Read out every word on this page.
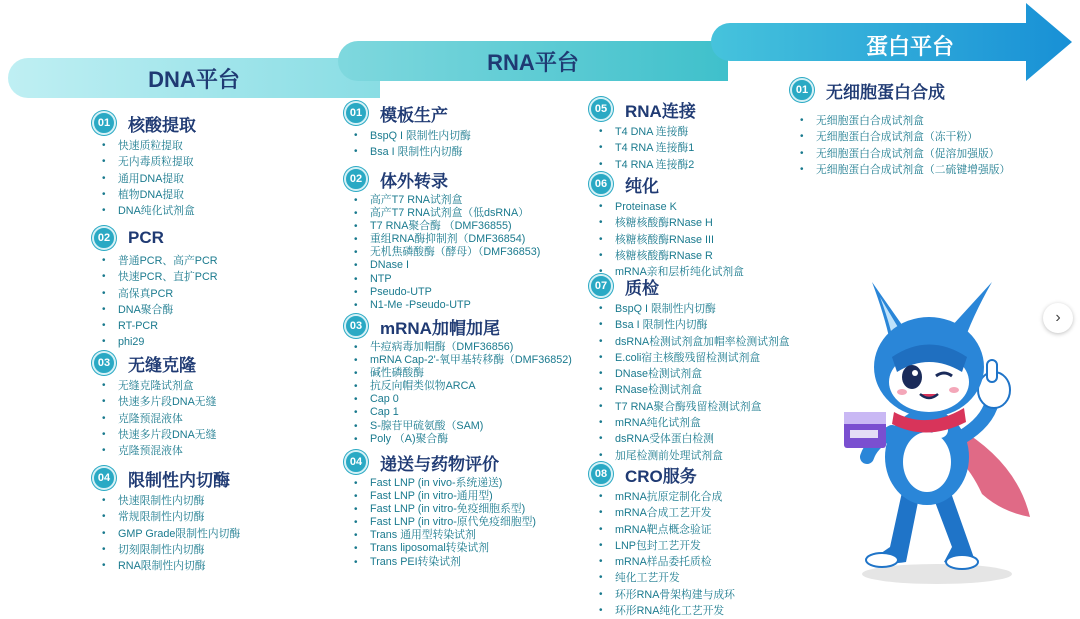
DNA平台
RNA平台
蛋白平台
01	核酸提取
• 快速质粒提取
• 无内毒质粒提取
• 通用DNA提取
• 植物DNA提取
• DNA纯化试剂盒
02	PCR
• 普通PCR、高产PCR
• 快速PCR、直扩PCR
• 高保真PCR
• DNA聚合酶
• RT-PCR
• phi29
03	无缝克隆
• 无缝克隆试剂盒
• 快速多片段DNA无缝
• 克隆预混液体
• 快速多片段DNA无缝
• 克隆预混液体
04	限制性内切酶
• 快速限制性内切酶
• 常规限制性内切酶
• GMP Grade限制性内切酶
• 切刻限制性内切酶
• RNA限制性内切酶
01	模板生产
• BspQ I 限制性内切酶
• Bsa I 限制性内切酶
02	体外转录
• 高产T7 RNA试剂盒
• 高产T7 RNA试剂盒（低dsRNA）
• T7 RNA聚合酶 （DMF36855)
• 重组RNA酶抑制剂（DMF36854)
• 无机焦磷酸酶（酵母）（DMF36853)
• DNase I
• NTP
• Pseudo-UTP
• N1-Me -Pseudo-UTP
03	mRNA加帽加尾
• 牛痘病毒加帽酶（DMF36856)
• mRNA Cap-2'-氧甲基转移酶（DMF36852)
• 碱性磷酸酶
• 抗反向帽类似物ARCA
• Cap 0
• Cap 1
• S-腺苷甲硫氨酸（SAM)
• Poly （A)聚合酶
04	递送与药物评价
• Fast LNP (in vivo-系统递送)
• Fast LNP (in vitro-通用型)
• Fast LNP (in vitro-免疫细胞系型)
• Fast LNP (in vitro-原代免疫细胞型)
• Trans 通用型转染试剂
• Trans liposomal转染试剂
• Trans PEI转染试剂
05	RNA连接
• T4 DNA 连接酶
• T4 RNA 连接酶1
• T4 RNA 连接酶2
06	纯化
• Proteinase K
• 核糖核酸酶RNase H
• 核糖核酸酶RNase III
• 核糖核酸酶RNase R
• mRNA亲和层析纯化试剂盒
07	质检
• BspQ I 限制性内切酶
• Bsa I 限制性内切酶
• dsRNA检测试剂盒加帽率检测试剂盒
• E.coli宿主核酸残留检测试剂盒
• DNase检测试剂盒
• RNase检测试剂盒
• T7 RNA聚合酶残留检测试剂盒
• mRNA纯化试剂盒
• dsRNA受体蛋白检测
• 加尾检测前处理试剂盒
08	CRO服务
• mRNA抗原定制化合成
• mRNA合成工艺开发
• mRNA靶点概念验证
• LNP包封工艺开发
• mRNA样品委托质检
• 纯化工艺开发
• 环形RNA骨架构建与成环
• 环形RNA纯化工艺开发
01	无细胞蛋白合成
• 无细胞蛋白合成试剂盒
• 无细胞蛋白合成试剂盒（冻干粉）
• 无细胞蛋白合成试剂盒（促溶加强版）
• 无细胞蛋白合成试剂盒（二硫键增强版）
›
